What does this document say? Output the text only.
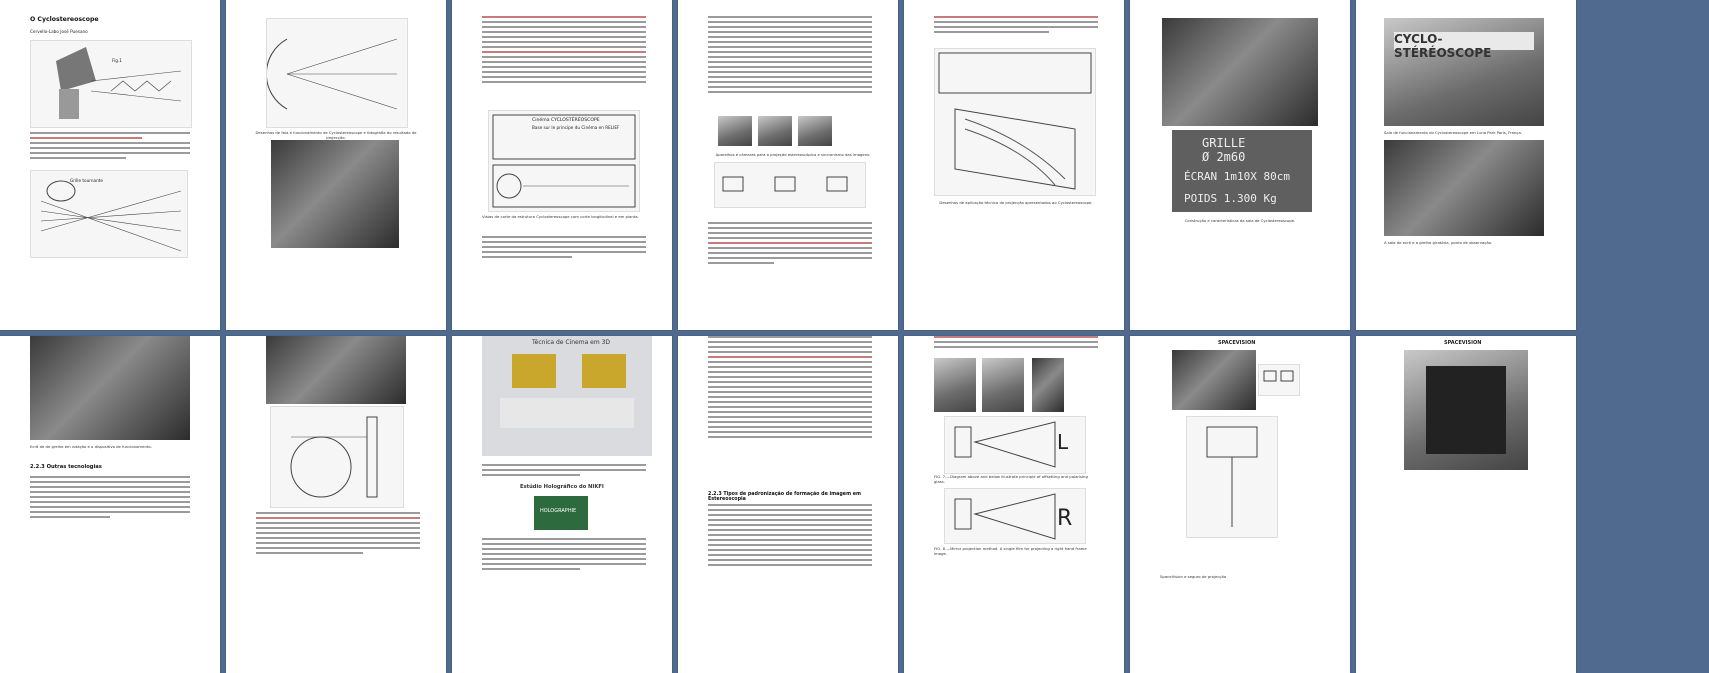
O Cyclostereoscope
Cervello-Labo José Puesano
Fig.1
Grille tournante
Desenhos de fala e funcionamento de Cyclostereoscope e fotografia do resultado de projecção.
Cinéma CYCLOSTÉRÉOSCOPE
Base sur le principe du Cinéma en RELIEF
Vistas de corte da estrutura Cyclostereoscope com corte longitudinal e em planta.
Aparelhos e câmaras para a projeção estereoscópica e sincronismo das imagens.
Desenhos de aplicação técnica de projecção apresentados ao Cyclostereoscope.
GRILLE
Ø 2m60
ÉCRAN 1m10X 80cm
POIDS 1.300 Kg
Construção e características da sala de Cyclostereoscope.
CYCLO-STÉRÉOSCOPE
Sala de funcionamento do Cyclostereoscope em Luna Park Paris, França.
A sala do ecrã e a grelha giratória, ponto de observação.
Ecrã de de grelha em rotação e o dispositivo de funcionamento.
2.2.3 Outras tecnologias
Técnica de Cinema em 3D
Estúdio Holográfico do NIKFI
HOLOGRAPHIE
2.2.3 Tipos de padronização de formação de imagem em Estereoscopia
L
FIG. 7.—Diagram above and below illustrate principle of offsetting and polarising glass.
R
FIG. 8.—Mirror projection method. A single film for projecting a right hand frame image.
SPACEVISION
SpaceVision e seguro de projecção
SPACEVISION
